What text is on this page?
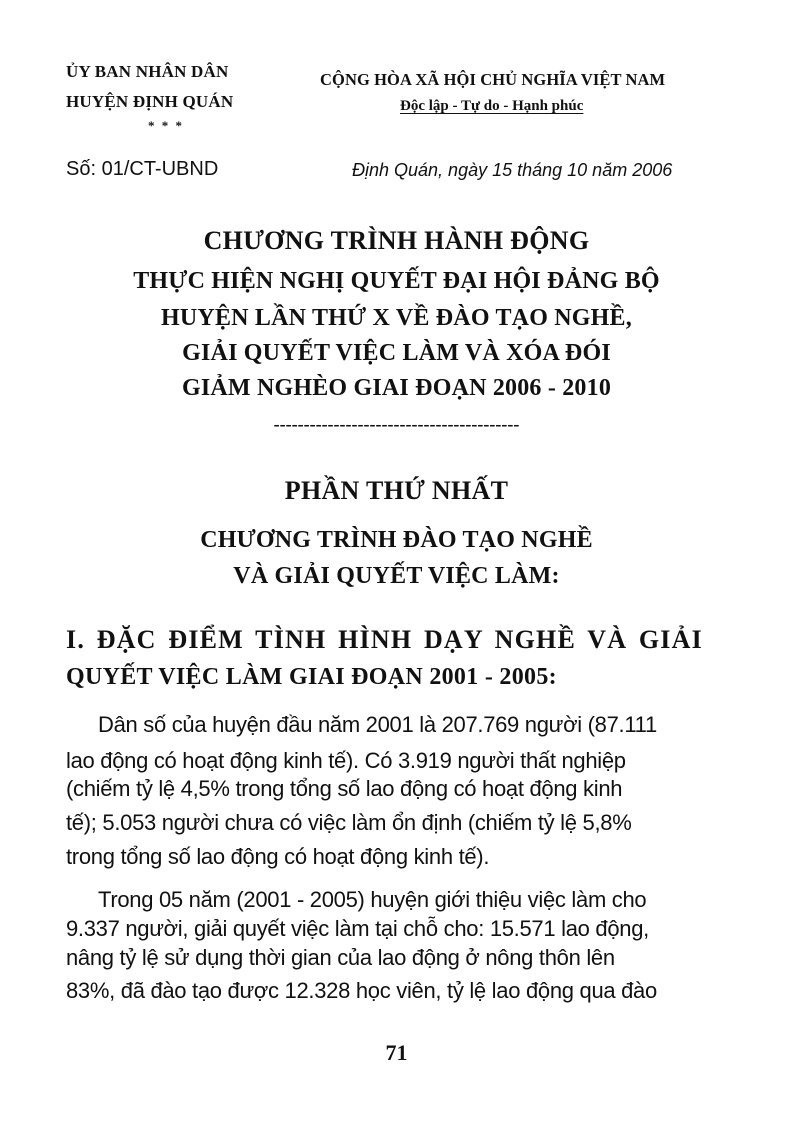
ỦY BAN NHÂN DÂN
HUYỆN ĐỊNH QUÁN
* * *
CỘNG HÒA XÃ HỘI CHỦ NGHĨA VIỆT NAM
Độc lập - Tự do - Hạnh phúc
Số: 01/CT-UBND	Định Quán, ngày 15 tháng 10 năm 2006
CHƯƠNG TRÌNH HÀNH ĐỘNG
THỰC HIỆN NGHỊ QUYẾT ĐẠI HỘI ĐẢNG BỘ
HUYỆN LẦN THỨ X VỀ ĐÀO TẠO NGHỀ,
GIẢI QUYẾT VIỆC LÀM VÀ XÓA ĐÓI
GIẢM NGHÈO GIAI ĐOẠN 2006 - 2010
-----------------------------------------
PHẦN THỨ NHẤT
CHƯƠNG TRÌNH ĐÀO TẠO NGHỀ
VÀ GIẢI QUYẾT VIỆC LÀM:
I. ĐẶC ĐIỂM TÌNH HÌNH DẠY NGHỀ VÀ GIẢI
QUYẾT VIỆC LÀM GIAI ĐOẠN 2001 - 2005:
Dân số của huyện đầu năm 2001 là 207.769 người (87.111
lao động có hoạt động kinh tế). Có 3.919 người thất nghiệp
(chiếm tỷ lệ 4,5% trong tổng số lao động có hoạt động kinh
tế); 5.053 người chưa có việc làm ổn định (chiếm tỷ lệ 5,8%
trong tổng số lao động có hoạt động kinh tế).
Trong 05 năm (2001 - 2005) huyện giới thiệu việc làm cho
9.337 người, giải quyết việc làm tại chỗ cho: 15.571 lao động,
nâng tỷ lệ sử dụng thời gian của lao động ở nông thôn lên
83%, đã đào tạo được 12.328 học viên, tỷ lệ lao động qua đào
71
